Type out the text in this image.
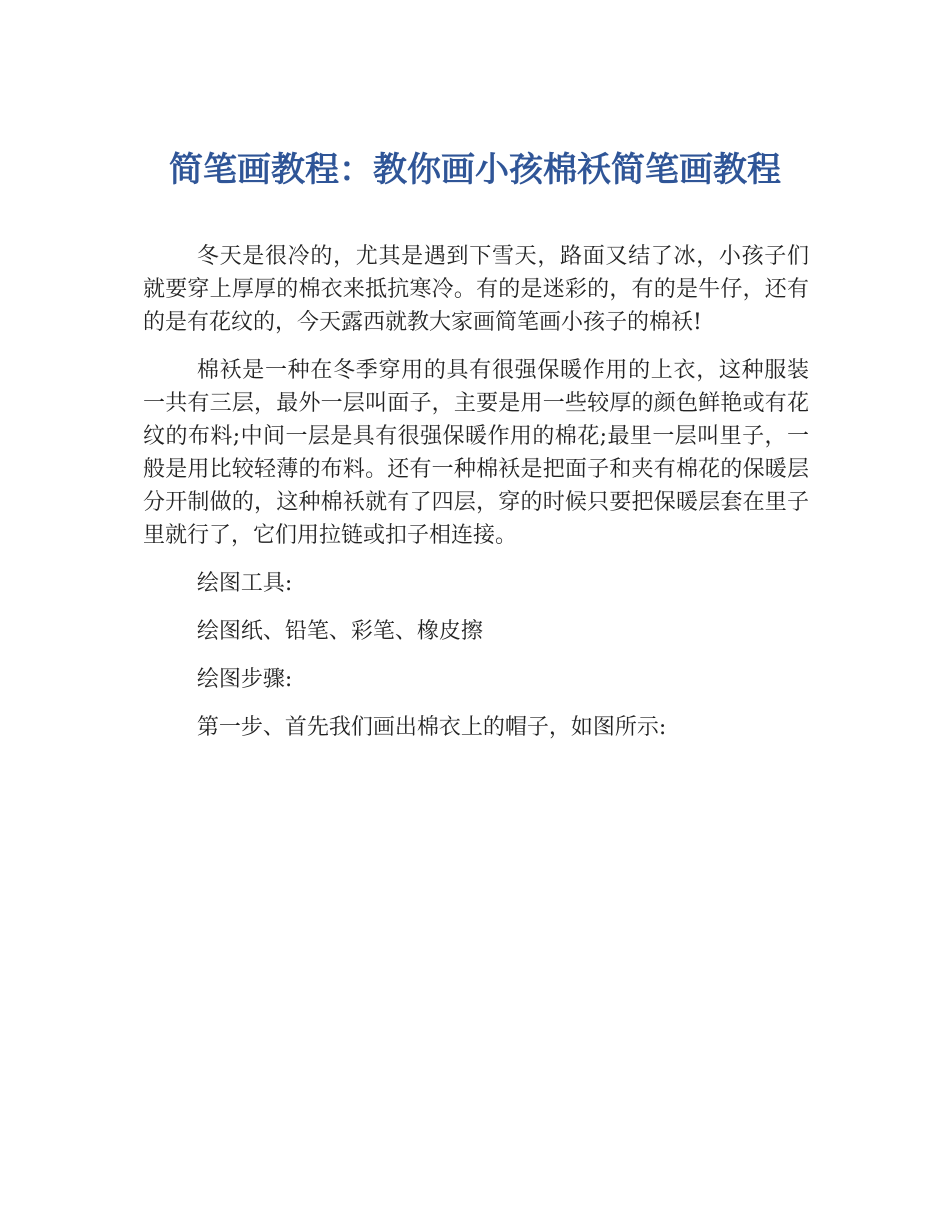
简笔画教程：教你画小孩棉袄简笔画教程

冬天是很冷的，尤其是遇到下雪天，路面又结了冰，小孩子们就要穿上厚厚的棉衣来抵抗寒冷。有的是迷彩的，有的是牛仔，还有的是有花纹的，今天露西就教大家画简笔画小孩子的棉袄!

棉袄是一种在冬季穿用的具有很强保暖作用的上衣，这种服装一共有三层，最外一层叫面子，主要是用一些较厚的颜色鲜艳或有花纹的布料;中间一层是具有很强保暖作用的棉花;最里一层叫里子，一般是用比较轻薄的布料。还有一种棉袄是把面子和夹有棉花的保暖层分开制做的，这种棉袄就有了四层，穿的时候只要把保暖层套在里子里就行了，它们用拉链或扣子相连接。

绘图工具:

绘图纸、铅笔、彩笔、橡皮擦

绘图步骤:

第一步、首先我们画出棉衣上的帽子，如图所示:
